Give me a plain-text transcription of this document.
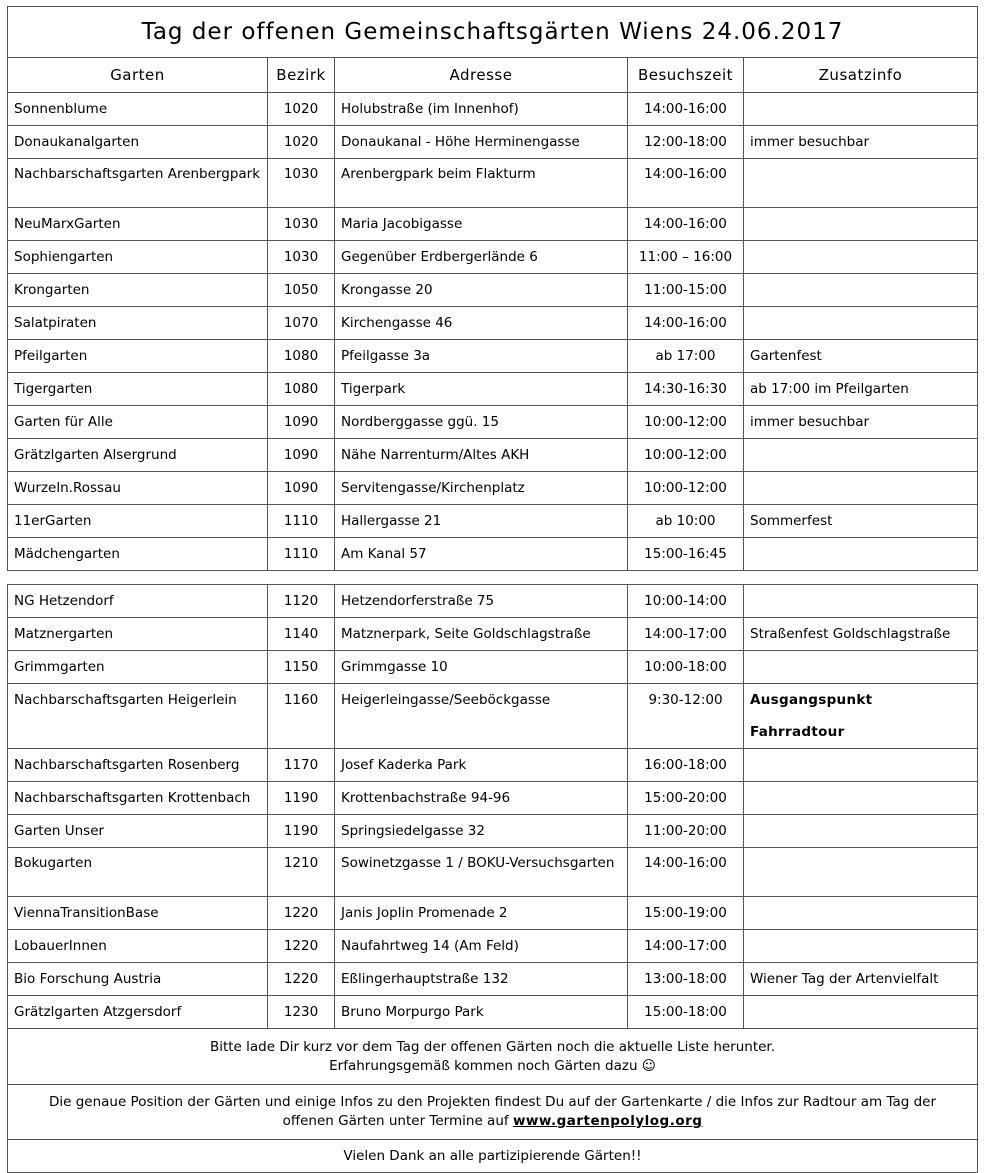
Tag der offenen Gemeinschaftsgärten Wiens 24.06.2017				
Garten	Bezirk	Adresse	Besuchszeit	Zusatzinfo
Sonnenblume	1020	Holubstraße (im Innenhof)	14:00-16:00	
Donaukanalgarten	1020	Donaukanal - Höhe Herminengasse	12:00-18:00	immer besuchbar
Nachbarschaftsgarten Arenbergpark	1030	Arenbergpark beim Flakturm	14:00-16:00	
NeuMarxGarten	1030	Maria Jacobigasse	14:00-16:00	
Sophiengarten	1030	Gegenüber Erdbergerlände 6	11:00 – 16:00	
Krongarten	1050	Krongasse 20	11:00-15:00	
Salatpiraten	1070	Kirchengasse 46	14:00-16:00	
Pfeilgarten	1080	Pfeilgasse 3a	ab 17:00	Gartenfest
Tigergarten	1080	Tigerpark	14:30-16:30	ab 17:00 im Pfeilgarten
Garten für Alle	1090	Nordberggasse ggü. 15	10:00-12:00	immer besuchbar
Grätzlgarten Alsergrund	1090	Nähe Narrenturm/Altes AKH	10:00-12:00	
Wurzeln.Rossau	1090	Servitengasse/Kirchenplatz	10:00-12:00	
11erGarten	1110	Hallergasse 21	ab 10:00	Sommerfest
Mädchengarten	1110	Am Kanal 57	15:00-16:45	
NG Hetzendorf	1120	Hetzendorferstraße 75	10:00-14:00	
Matznergarten	1140	Matznerpark, Seite Goldschlagstraße	14:00-17:00	Straßenfest Goldschlagstraße
Grimmgarten	1150	Grimmgasse 10	10:00-18:00	
Nachbarschaftsgarten Heigerlein	1160	Heigerleingasse/Seeböckgasse	9:30-12:00	Ausgangspunkt Fahrradtour
Nachbarschaftsgarten Rosenberg	1170	Josef Kaderka Park	16:00-18:00	
Nachbarschaftsgarten Krottenbach	1190	Krottenbachstraße 94-96	15:00-20:00	
Garten Unser	1190	Springsiedelgasse 32	11:00-20:00	
Bokugarten	1210	Sowinetzgasse 1 / BOKU-Versuchsgarten	14:00-16:00	
ViennaTransitionBase	1220	Janis Joplin Promenade 2	15:00-19:00	
LobauerInnen	1220	Naufahrtweg 14 (Am Feld)	14:00-17:00	
Bio Forschung Austria	1220	Eßlingerhauptstraße 132	13:00-18:00	Wiener Tag der Artenvielfalt
Grätzlgarten Atzgersdorf	1230	Bruno Morpurgo Park	15:00-18:00	
Bitte lade Dir kurz vor dem Tag der offenen Gärten noch die aktuelle Liste herunter.
Erfahrungsgemäß kommen noch Gärten dazu ☺				
Die genaue Position der Gärten und einige Infos zu den Projekten findest Du auf der Gartenkarte / die Infos zur Radtour am Tag der
offenen Gärten unter Termine auf www.gartenpolylog.org				
Vielen Dank an alle partizipierende Gärten!!				
